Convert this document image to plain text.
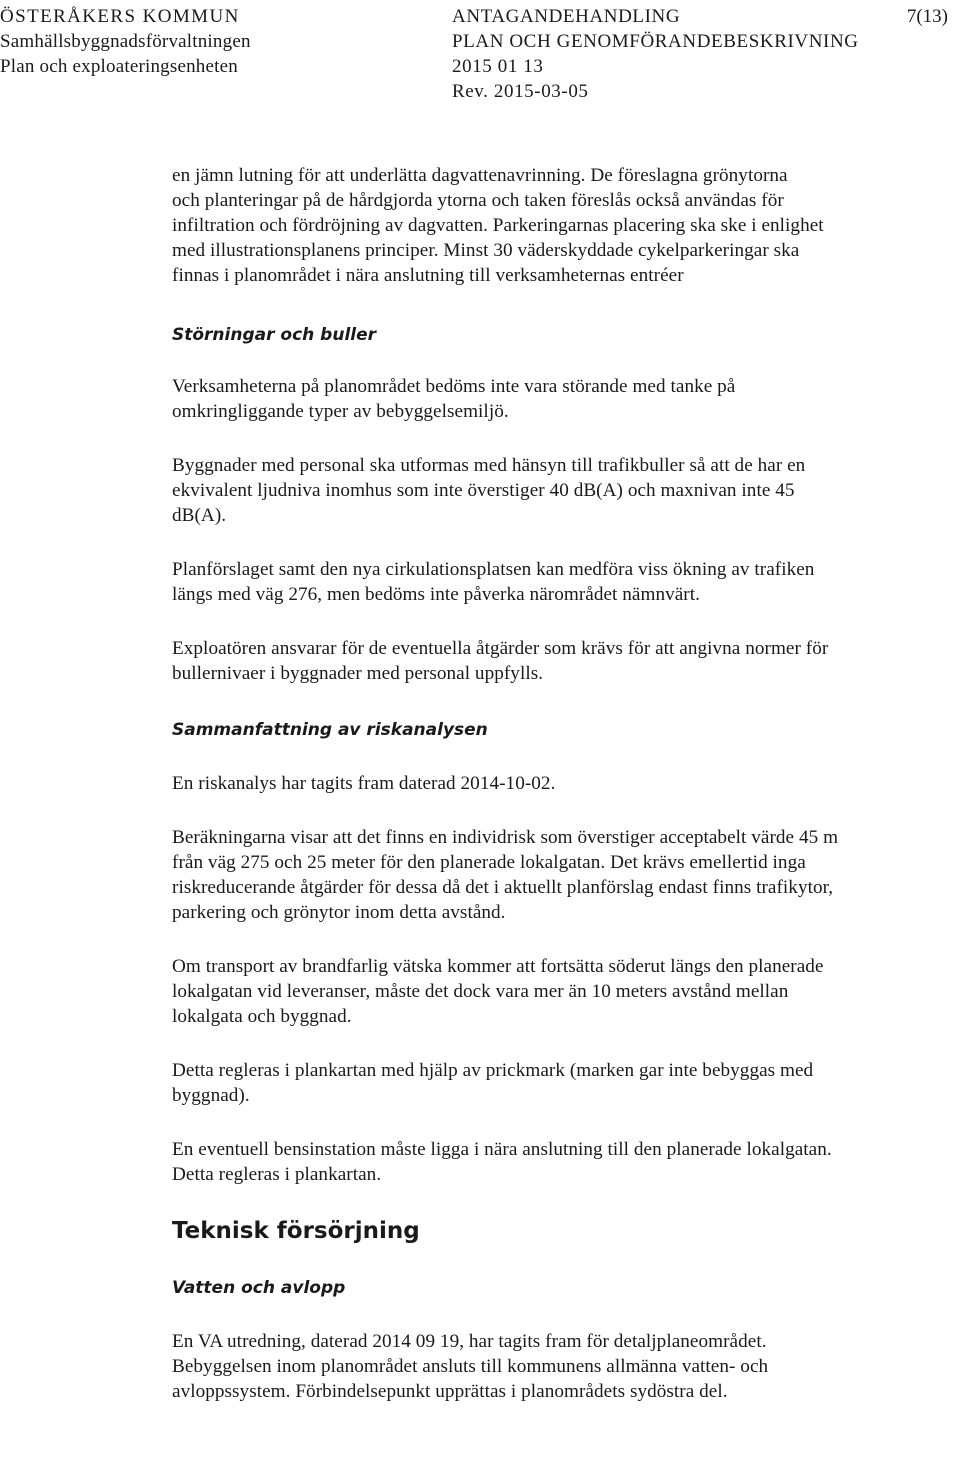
ÖSTERÅKERS KOMMUN
Samhällsbyggnadsförvaltningen
Plan och exploateringsenheten
ANTAGANDEHANDLING	7(13)
PLAN OCH GENOMFÖRANDEBESKRIVNING
2015 01 13
Rev. 2015-03-05

en jämn lutning för att underlätta dagvattenavrinning. De föreslagna grönytorna
och planteringar på de hårdgjorda ytorna och taken föreslås också användas för
infiltration och fördröjning av dagvatten. Parkeringarnas placering ska ske i enlighet
med illustrationsplanens principer. Minst 30 väderskyddade cykelparkeringar ska
finnas i planområdet i nära anslutning till verksamheternas entréer

Störningar och buller

Verksamheterna på planområdet bedöms inte vara störande med tanke på
omkringliggande typer av bebyggelsemiljö.

Byggnader med personal ska utformas med hänsyn till trafikbuller så att de har en
ekvivalent ljudniva inomhus som inte överstiger 40 dB(A) och maxnivan inte 45
dB(A).

Planförslaget samt den nya cirkulationsplatsen kan medföra viss ökning av trafiken
längs med väg 276, men bedöms inte påverka närområdet nämnvärt.

Exploatören ansvarar för de eventuella åtgärder som krävs för att angivna normer för
bullernivaer i byggnader med personal uppfylls.

Sammanfattning av riskanalysen

En riskanalys har tagits fram daterad 2014-10-02.

Beräkningarna visar att det finns en individrisk som överstiger acceptabelt värde 45 m
från väg 275 och 25 meter för den planerade lokalgatan. Det krävs emellertid inga
riskreducerande åtgärder för dessa då det i aktuellt planförslag endast finns trafikytor,
parkering och grönytor inom detta avstånd.

Om transport av brandfarlig vätska kommer att fortsätta söderut längs den planerade
lokalgatan vid leveranser, måste det dock vara mer än 10 meters avstånd mellan
lokalgata och byggnad.

Detta regleras i plankartan med hjälp av prickmark (marken gar inte bebyggas med
byggnad).

En eventuell bensinstation måste ligga i nära anslutning till den planerade lokalgatan.
Detta regleras i plankartan.

Teknisk försörjning
Vatten och avlopp

En VA utredning, daterad 2014 09 19, har tagits fram för detaljplaneområdet.
Bebyggelsen inom planområdet ansluts till kommunens allmänna vatten- och
avloppssystem. Förbindelsepunkt upprättas i planområdets sydöstra del.
